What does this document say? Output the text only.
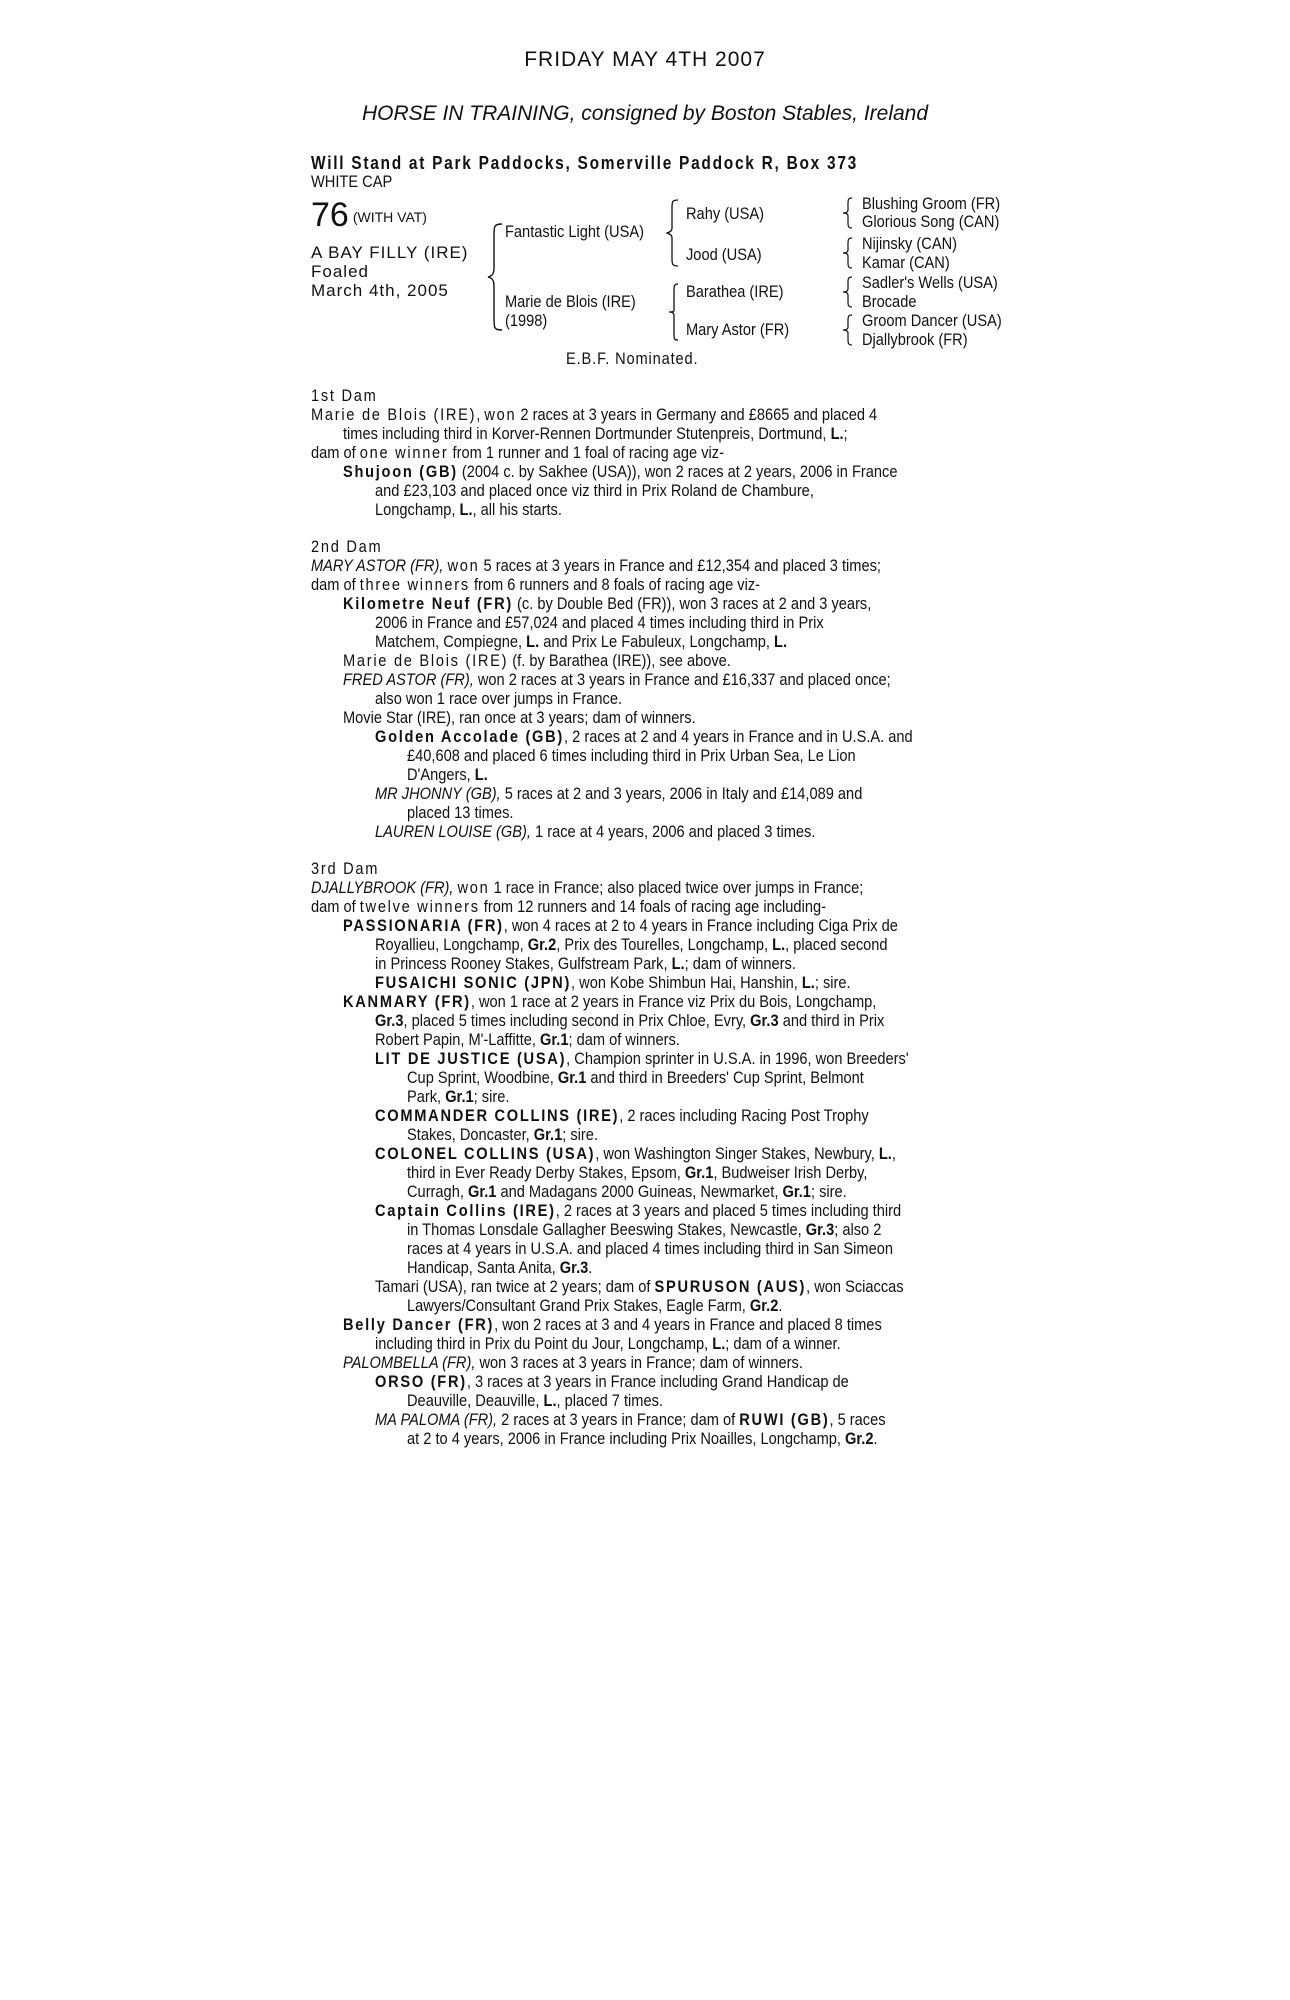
FRIDAY MAY 4TH 2007
HORSE IN TRAINING, consigned by Boston Stables, Ireland
Will Stand at Park Paddocks, Somerville Paddock R, Box 373
WHITE CAP
76 (WITH VAT)
A BAY FILLY (IRE)
Foaled
March 4th, 2005
Fantastic Light (USA)
Marie de Blois (IRE)
(1998)
Rahy (USA)
Jood (USA)
Barathea (IRE)
Mary Astor (FR)
Blushing Groom (FR)
Glorious Song (CAN)
Nijinsky (CAN)
Kamar (CAN)
Sadler's Wells (USA)
Brocade
Groom Dancer (USA)
Djallybrook (FR)
E.B.F. Nominated.
1st Dam
Marie de Blois (IRE), won 2 races at 3 years in Germany and £8665 and placed 4
times including third in Korver-Rennen Dortmunder Stutenpreis, Dortmund, L.;
dam of one winner from 1 runner and 1 foal of racing age viz-
Shujoon (GB) (2004 c. by Sakhee (USA)), won 2 races at 2 years, 2006 in France
and £23,103 and placed once viz third in Prix Roland de Chambure,
Longchamp, L., all his starts.
2nd Dam
MARY ASTOR (FR), won 5 races at 3 years in France and £12,354 and placed 3 times;
dam of three winners from 6 runners and 8 foals of racing age viz-
Kilometre Neuf (FR) (c. by Double Bed (FR)), won 3 races at 2 and 3 years,
2006 in France and £57,024 and placed 4 times including third in Prix
Matchem, Compiegne, L. and Prix Le Fabuleux, Longchamp, L.
Marie de Blois (IRE) (f. by Barathea (IRE)), see above.
FRED ASTOR (FR), won 2 races at 3 years in France and £16,337 and placed once;
also won 1 race over jumps in France.
Movie Star (IRE), ran once at 3 years; dam of winners.
Golden Accolade (GB), 2 races at 2 and 4 years in France and in U.S.A. and
£40,608 and placed 6 times including third in Prix Urban Sea, Le Lion
D'Angers, L.
MR JHONNY (GB), 5 races at 2 and 3 years, 2006 in Italy and £14,089 and
placed 13 times.
LAUREN LOUISE (GB), 1 race at 4 years, 2006 and placed 3 times.
3rd Dam
DJALLYBROOK (FR), won 1 race in France; also placed twice over jumps in France;
dam of twelve winners from 12 runners and 14 foals of racing age including-
PASSIONARIA (FR), won 4 races at 2 to 4 years in France including Ciga Prix de
Royallieu, Longchamp, Gr.2, Prix des Tourelles, Longchamp, L., placed second
in Princess Rooney Stakes, Gulfstream Park, L.; dam of winners.
FUSAICHI SONIC (JPN), won Kobe Shimbun Hai, Hanshin, L.; sire.
KANMARY (FR), won 1 race at 2 years in France viz Prix du Bois, Longchamp,
Gr.3, placed 5 times including second in Prix Chloe, Evry, Gr.3 and third in Prix
Robert Papin, M'-Laffitte, Gr.1; dam of winners.
LIT DE JUSTICE (USA), Champion sprinter in U.S.A. in 1996, won Breeders'
Cup Sprint, Woodbine, Gr.1 and third in Breeders' Cup Sprint, Belmont
Park, Gr.1; sire.
COMMANDER COLLINS (IRE), 2 races including Racing Post Trophy
Stakes, Doncaster, Gr.1; sire.
COLONEL COLLINS (USA), won Washington Singer Stakes, Newbury, L.,
third in Ever Ready Derby Stakes, Epsom, Gr.1, Budweiser Irish Derby,
Curragh, Gr.1 and Madagans 2000 Guineas, Newmarket, Gr.1; sire.
Captain Collins (IRE), 2 races at 3 years and placed 5 times including third
in Thomas Lonsdale Gallagher Beeswing Stakes, Newcastle, Gr.3; also 2
races at 4 years in U.S.A. and placed 4 times including third in San Simeon
Handicap, Santa Anita, Gr.3.
Tamari (USA), ran twice at 2 years; dam of SPURUSON (AUS), won Sciaccas
Lawyers/Consultant Grand Prix Stakes, Eagle Farm, Gr.2.
Belly Dancer (FR), won 2 races at 3 and 4 years in France and placed 8 times
including third in Prix du Point du Jour, Longchamp, L.; dam of a winner.
PALOMBELLA (FR), won 3 races at 3 years in France; dam of winners.
ORSO (FR), 3 races at 3 years in France including Grand Handicap de
Deauville, Deauville, L., placed 7 times.
MA PALOMA (FR), 2 races at 3 years in France; dam of RUWI (GB), 5 races
at 2 to 4 years, 2006 in France including Prix Noailles, Longchamp, Gr.2.
